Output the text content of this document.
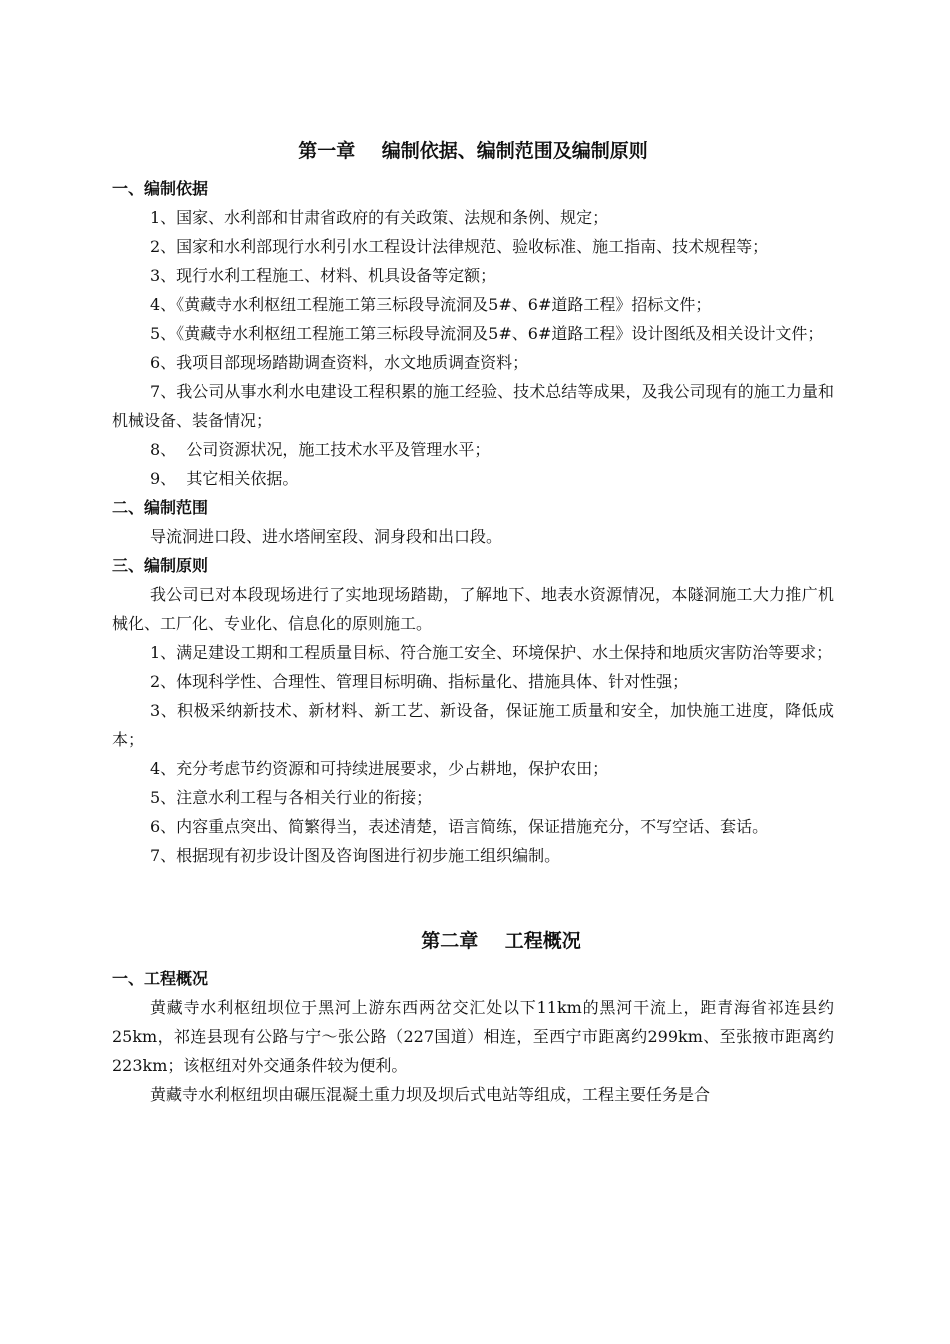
第一章    编制依据、编制范围及编制原则
一、编制依据

1、国家、水利部和甘肃省政府的有关政策、法规和条例、规定；

2、国家和水利部现行水利引水工程设计法律规范、验收标准、施工指南、技术规程等；

3、现行水利工程施工、材料、机具设备等定额；

4、《黄藏寺水利枢纽工程施工第三标段导流洞及5#、6#道路工程》招标文件；

5、《黄藏寺水利枢纽工程施工第三标段导流洞及5#、6#道路工程》设计图纸及相关设计文件；

6、我项目部现场踏勘调查资料，水文地质调查资料；

7、我公司从事水利水电建设工程积累的施工经验、技术总结等成果，及我公司现有的施工力量和机械设备、装备情况；

8、  公司资源状况，施工技术水平及管理水平；

9、  其它相关依据。

二、编制范围

导流洞进口段、进水塔闸室段、洞身段和出口段。

三、编制原则

我公司已对本段现场进行了实地现场踏勘，了解地下、地表水资源情况，本隧洞施工大力推广机械化、工厂化、专业化、信息化的原则施工。

1、满足建设工期和工程质量目标、符合施工安全、环境保护、水土保持和地质灾害防治等要求；

2、体现科学性、合理性、管理目标明确、指标量化、措施具体、针对性强；

3、积极采纳新技术、新材料、新工艺、新设备，保证施工质量和安全，加快施工进度，降低成本；

4、充分考虑节约资源和可持续进展要求，少占耕地，保护农田；

5、注意水利工程与各相关行业的衔接；

6、内容重点突出、简繁得当，表述清楚，语言简练，保证措施充分，不写空话、套话。

7、根据现有初步设计图及咨询图进行初步施工组织编制。

第二章    工程概况
一、工程概况

黄藏寺水利枢纽坝位于黑河上游东西两岔交汇处以下11km的黑河干流上，距青海省祁连县约25km，祁连县现有公路与宁～张公路（227国道）相连，至西宁市距离约299km、至张掖市距离约223km；该枢纽对外交通条件较为便利。

黄藏寺水利枢纽坝由碾压混凝土重力坝及坝后式电站等组成，工程主要任务是合
